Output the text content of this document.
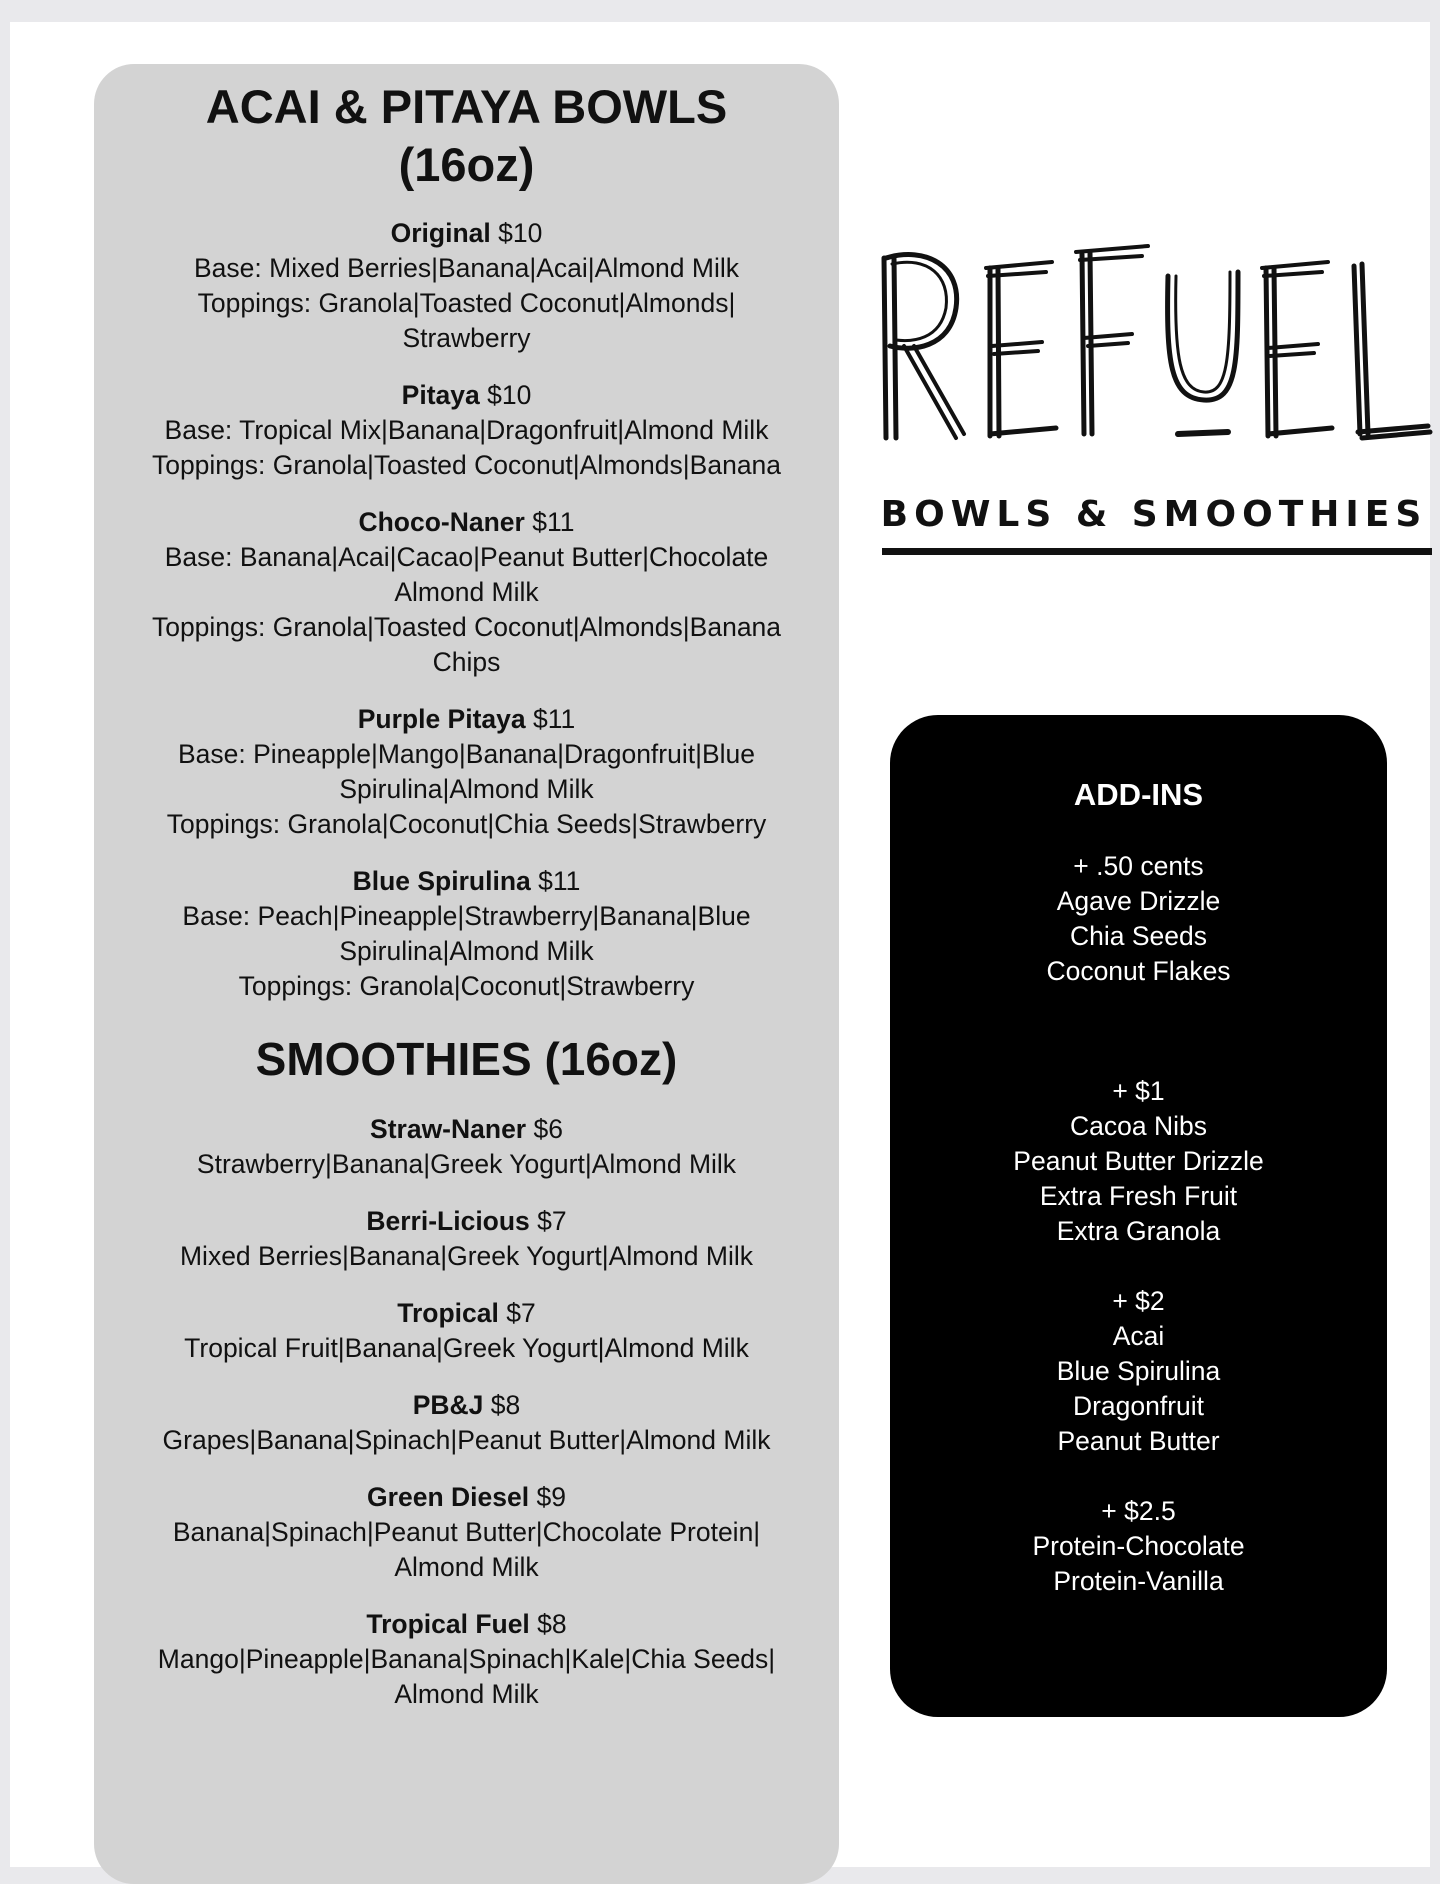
ACAI & PITAYA BOWLS
(16oz)
Original $10
Base: Mixed Berries|Banana|Acai|Almond Milk
Toppings: Granola|Toasted Coconut|Almonds|
Strawberry
Pitaya $10
Base: Tropical Mix|Banana|Dragonfruit|Almond Milk
Toppings: Granola|Toasted Coconut|Almonds|Banana
Choco-Naner $11
Base: Banana|Acai|Cacao|Peanut Butter|Chocolate
Almond Milk
Toppings: Granola|Toasted Coconut|Almonds|Banana
Chips
Purple Pitaya $11
Base: Pineapple|Mango|Banana|Dragonfruit|Blue
Spirulina|Almond Milk
Toppings: Granola|Coconut|Chia Seeds|Strawberry
Blue Spirulina $11
Base: Peach|Pineapple|Strawberry|Banana|Blue
Spirulina|Almond Milk
Toppings: Granola|Coconut|Strawberry
SMOOTHIES (16oz)
Straw-Naner $6
Strawberry|Banana|Greek Yogurt|Almond Milk
Berri-Licious $7
Mixed Berries|Banana|Greek Yogurt|Almond Milk
Tropical $7
Tropical Fruit|Banana|Greek Yogurt|Almond Milk
PB&J $8
Grapes|Banana|Spinach|Peanut Butter|Almond Milk
Green Diesel $9
Banana|Spinach|Peanut Butter|Chocolate Protein|
Almond Milk
Tropical Fuel $8
Mango|Pineapple|Banana|Spinach|Kale|Chia Seeds|
Almond Milk
BOWLS & SMOOTHIES
ADD-INS
+ .50 cents
Agave Drizzle
Chia Seeds
Coconut Flakes
+ $1
Cacoa Nibs
Peanut Butter Drizzle
Extra Fresh Fruit
Extra Granola
+ $2
Acai
Blue Spirulina
Dragonfruit
Peanut Butter
+ $2.5
Protein-Chocolate
Protein-Vanilla
